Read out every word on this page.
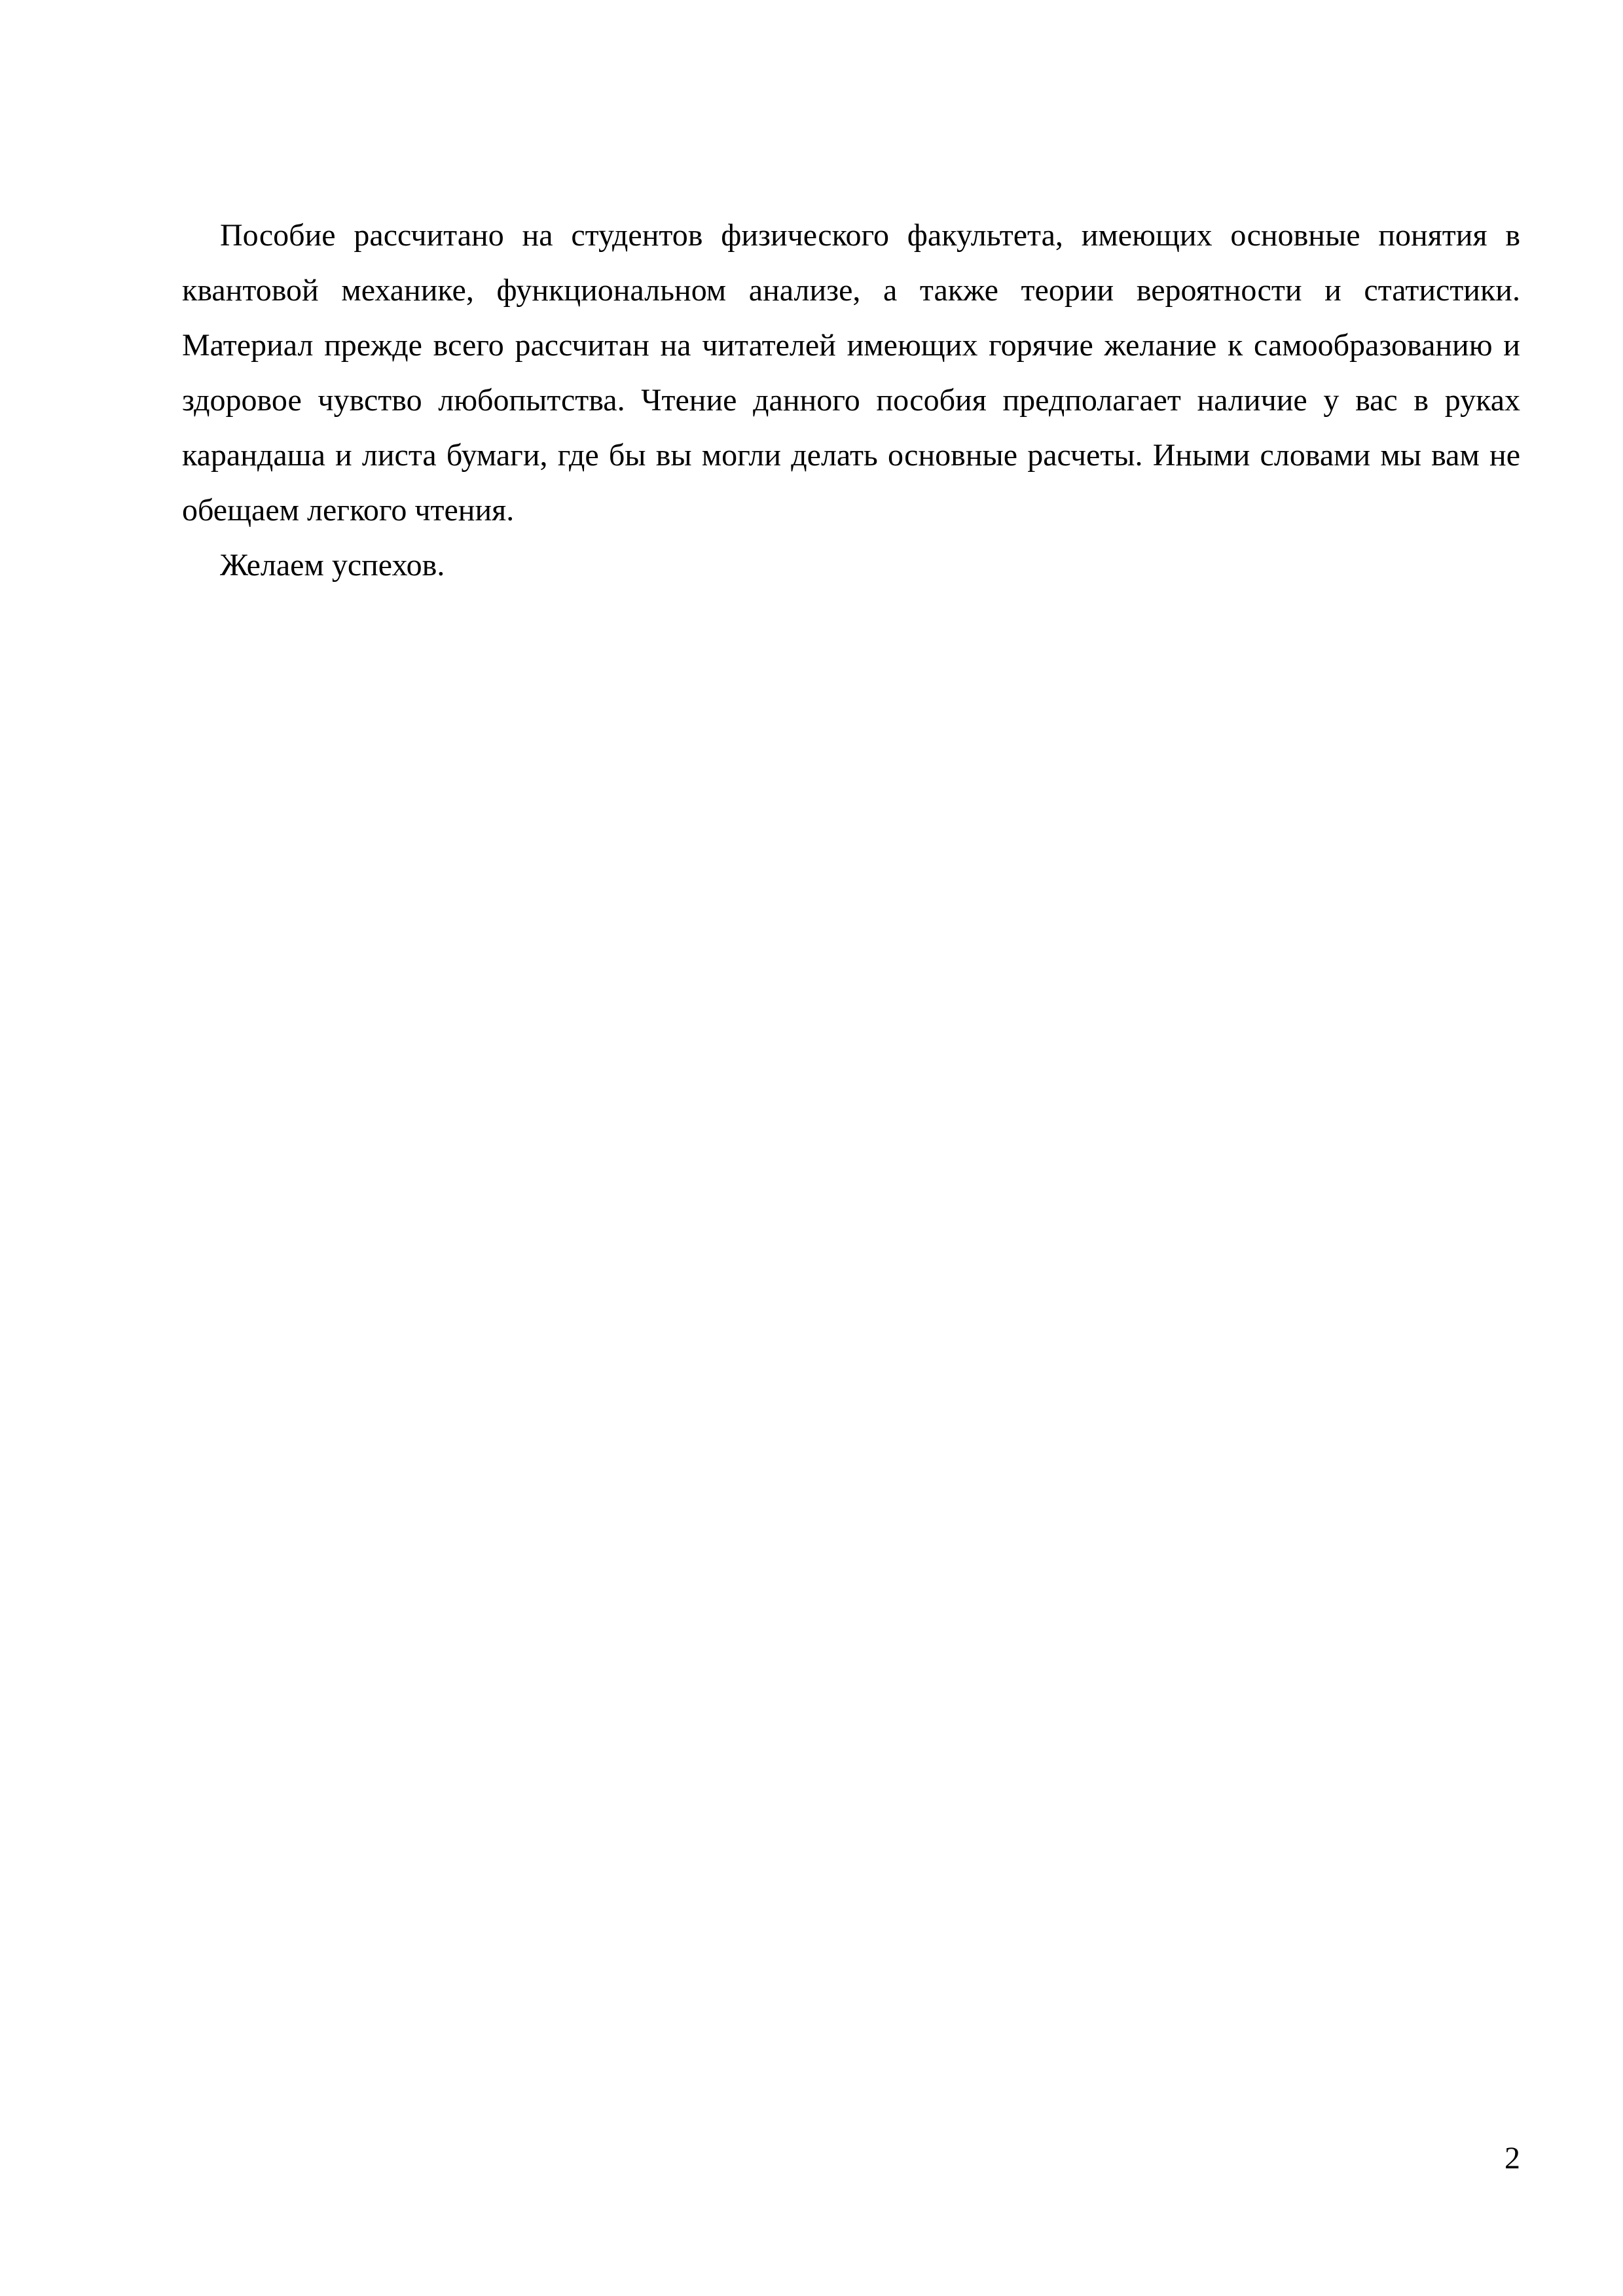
Пособие рассчитано на студентов физического факультета, имеющих основные понятия в квантовой механике, функциональном анализе, а также теории вероятности и статистики. Материал прежде всего рассчитан на читателей имеющих горячие желание к самообразованию и здоровое чувство любопытства. Чтение данного пособия предполагает наличие у вас в руках карандаша и листа бумаги, где бы вы могли делать основные расчеты. Иными словами мы вам не обещаем легкого чтения.

Желаем успехов.

2
